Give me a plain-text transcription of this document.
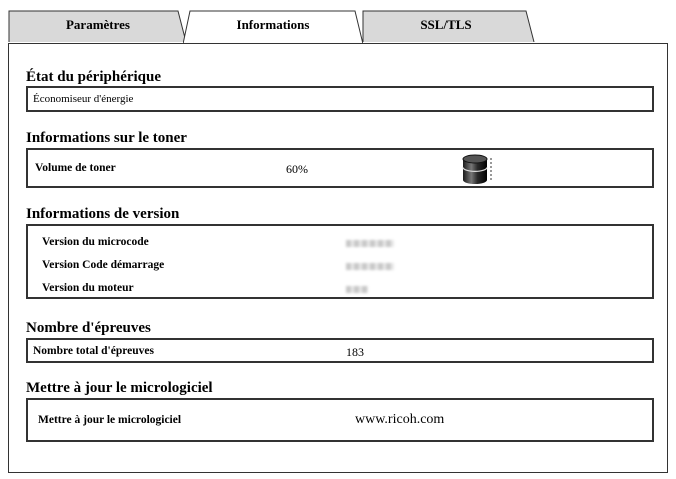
Paramètres	SSL/TLS
Informations
État du périphérique
Économiseur d'énergie
Informations sur le toner
Volume de toner	60%
Informations de version
Version du microcode
Version Code démarrage
Version du moteur
Nombre d'épreuves
Nombre total d'épreuves	183
Mettre à jour le micrologiciel
Mettre à jour le micrologiciel	www.ricoh.com
